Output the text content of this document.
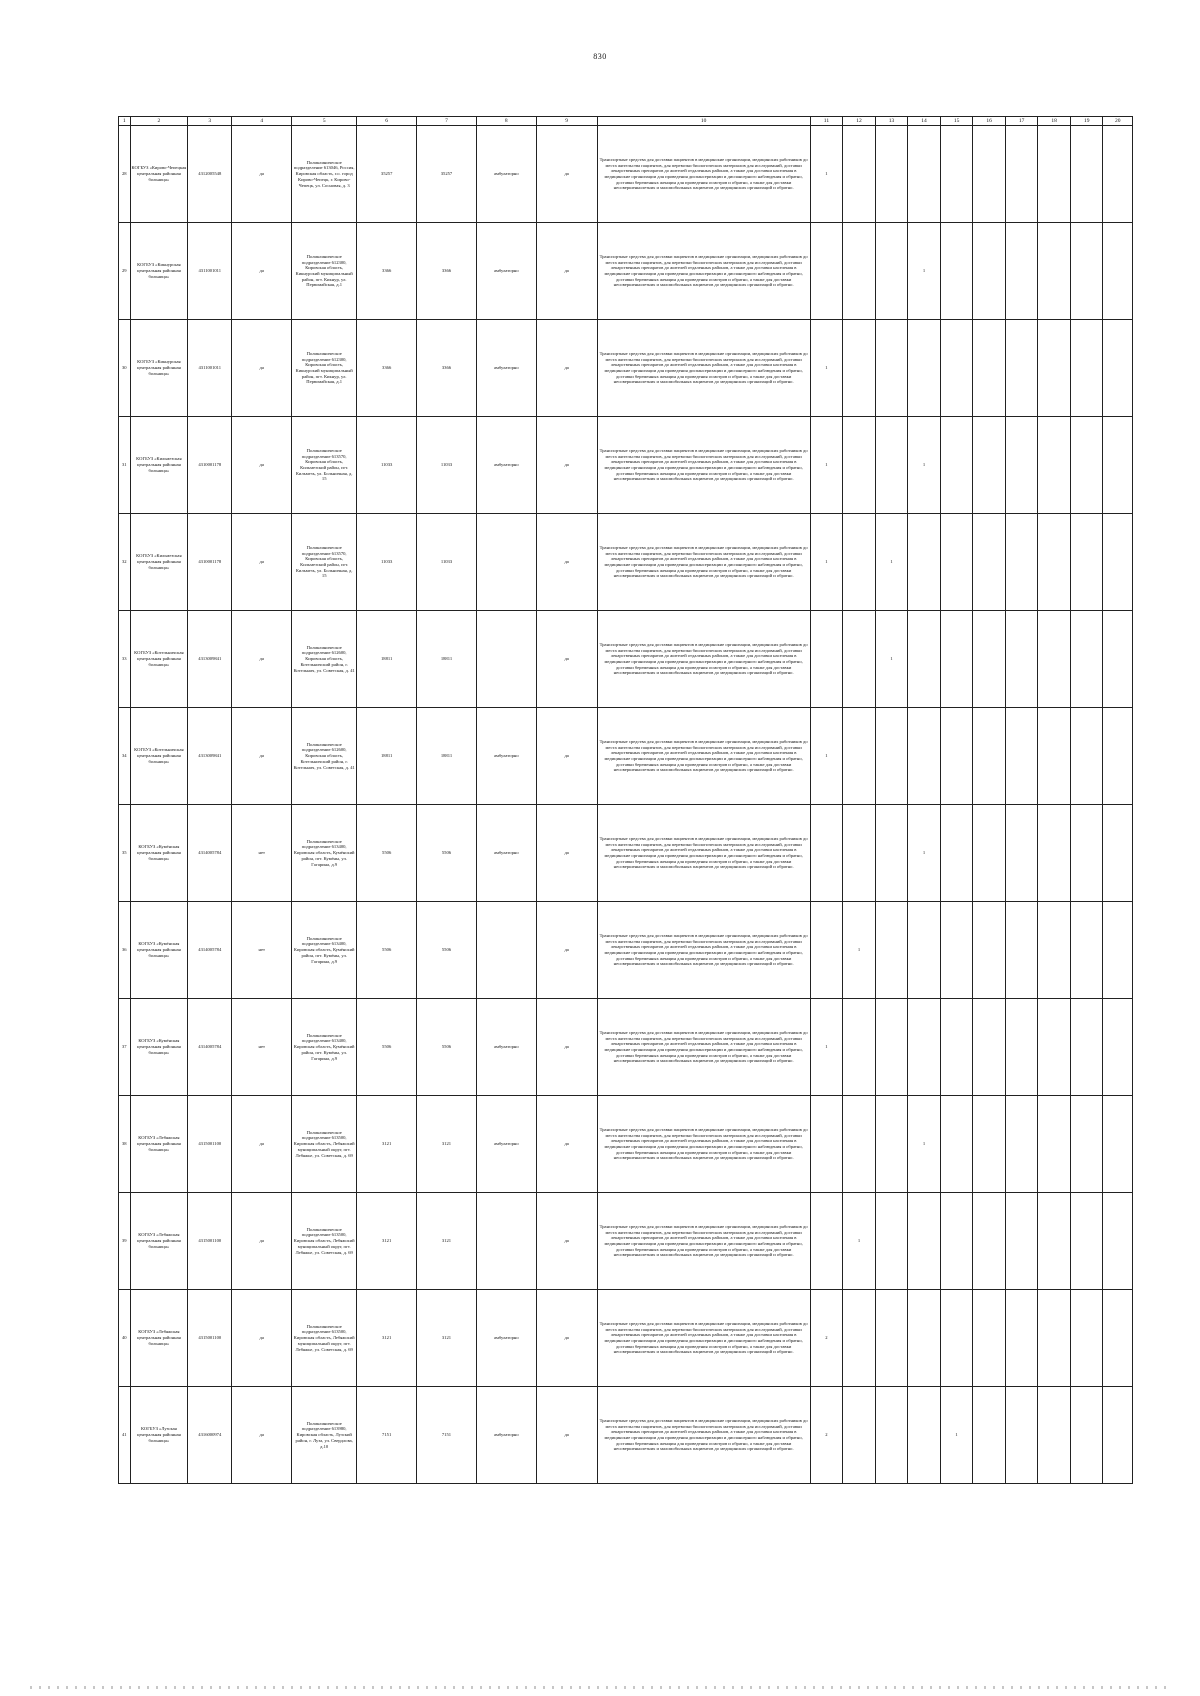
830
1	2	3	4	5	6	7	8	9	10	11	12	13	14	15	16	17	18	19	20
28	КОГБУЗ «Кирово-Чепецкая центральная районная больница»	4312005548	да	Поликлиническое подразделение 613046, Россия, Кировская область, г.о. город Кирово-Чепецк, г. Кирово-Чепецк, ул. Сосновая, д. 3	35257	35257	амбулаторно	да	Транспортные средства для доставки пациентов в медицинские организации, медицинских работников до места жительства пациентов, для перевозки биологических материалов для исследований, доставки лекарственных препаратов до жителей отдаленных районов, а также для доставки населения в медицинские организации для проведения диспансеризации и диспансерного наблюдения и обратно, доставки беременных женщин для проведения осмотров и обратно, а также для доставки несовершеннолетних и маломобильных пациентов до медицинских организаций и обратно.	1									
29	КОГБУЗ «Кикнурская центральная районная больница»	4311001011	да	Поликлиническое подразделение 612300, Кировская область, Кикнурский муниципальный район, пгт. Кикнур, ул. Первомайская, д.1	3366	3366	амбулаторно	да	Транспортные средства для доставки пациентов в медицинские организации, медицинских работников до места жительства пациентов, для перевозки биологических материалов для исследований, доставки лекарственных препаратов до жителей отдаленных районов, а также для доставки населения в медицинские организации для проведения диспансеризации и диспансерного наблюдения и обратно, доставки беременных женщин для проведения осмотров и обратно, а также для доставки несовершеннолетних и маломобильных пациентов до медицинских организаций и обратно.				1						
30	КОГБУЗ «Кикнурская центральная районная больница»	4311001011	да	Поликлиническое подразделение 612300, Кировская область, Кикнурский муниципальный район, пгт. Кикнур, ул. Первомайская, д.1	3366	3366	амбулаторно	да	Транспортные средства для доставки пациентов в медицинские организации, медицинских работников до места жительства пациентов, для перевозки биологических материалов для исследований, доставки лекарственных препаратов до жителей отдаленных районов, а также для доставки населения в медицинские организации для проведения диспансеризации и диспансерного наблюдения и обратно, доставки беременных женщин для проведения осмотров и обратно, а также для доставки несовершеннолетних и маломобильных пациентов до медицинских организаций и обратно.	1									
31	КОГБУЗ «Кильмезская центральная районная больница»	4310001178	да	Поликлиническое подразделение 613570, Кировская область, Кильмезский район, пгт. Кильмезь, ул. Больничная, д. 15	11033	11033	амбулаторно	да	Транспортные средства для доставки пациентов в медицинские организации, медицинских работников до места жительства пациентов, для перевозки биологических материалов для исследований, доставки лекарственных препаратов до жителей отдаленных районов, а также для доставки населения в медицинские организации для проведения диспансеризации и диспансерного наблюдения и обратно, доставки беременных женщин для проведения осмотров и обратно, а также для доставки несовершеннолетних и маломобильных пациентов до медицинских организаций и обратно.	1			1						
32	КОГБУЗ «Кильмезская центральная районная больница»	4310001178	да	Поликлиническое подразделение 613570, Кировская область, Кильмезский район, пгт. Кильмезь, ул. Больничная, д. 15	11033	11033		да	Транспортные средства для доставки пациентов в медицинские организации, медицинских работников до места жительства пациентов, для перевозки биологических материалов для исследований, доставки лекарственных препаратов до жителей отдаленных районов, а также для доставки населения в медицинские организации для проведения диспансеризации и диспансерного наблюдения и обратно, доставки беременных женщин для проведения осмотров и обратно, а также для доставки несовершеннолетних и маломобильных пациентов до медицинских организаций и обратно.	1		1							
33	КОГБУЗ «Котельничская центральная районная больница»	4313009841	да	Поликлиническое подразделение 612600, Кировская область, Котельничский район, г. Котельнич, ул. Советская, д. 41	18811	18811		да	Транспортные средства для доставки пациентов в медицинские организации, медицинских работников до места жительства пациентов, для перевозки биологических материалов для исследований, доставки лекарственных препаратов до жителей отдаленных районов, а также для доставки населения в медицинские организации для проведения диспансеризации и диспансерного наблюдения и обратно, доставки беременных женщин для проведения осмотров и обратно, а также для доставки несовершеннолетних и маломобильных пациентов до медицинских организаций и обратно.			1							
34	КОГБУЗ «Котельничская центральная районная больница»	4313009841	да	Поликлиническое подразделение 612600, Кировская область, Котельничский район, г. Котельнич, ул. Советская, д. 41	18811	18811	амбулаторно	да	Транспортные средства для доставки пациентов в медицинские организации, медицинских работников до места жительства пациентов, для перевозки биологических материалов для исследований, доставки лекарственных препаратов до жителей отдаленных районов, а также для доставки населения в медицинские организации для проведения диспансеризации и диспансерного наблюдения и обратно, доставки беременных женщин для проведения осмотров и обратно, а также для доставки несовершеннолетних и маломобильных пациентов до медицинских организаций и обратно.	1									
35	КОГБУЗ «Кумёнская центральная районная больница»	4314005784	нет	Поликлиническое подразделение 613400, Кировская область, Кумёнский район, пгт. Кумёны, ул. Гагарина, д.9	5506	5506	амбулаторно	да	Транспортные средства для доставки пациентов в медицинские организации, медицинских работников до места жительства пациентов, для перевозки биологических материалов для исследований, доставки лекарственных препаратов до жителей отдаленных районов, а также для доставки населения в медицинские организации для проведения диспансеризации и диспансерного наблюдения и обратно, доставки беременных женщин для проведения осмотров и обратно, а также для доставки несовершеннолетних и маломобильных пациентов до медицинских организаций и обратно.				1						
36	КОГБУЗ «Кумёнская центральная районная больница»	4314005784	нет	Поликлиническое подразделение 613400, Кировская область, Кумёнский район, пгт. Кумёны, ул. Гагарина, д.9	5506	5506		да	Транспортные средства для доставки пациентов в медицинские организации, медицинских работников до места жительства пациентов, для перевозки биологических материалов для исследований, доставки лекарственных препаратов до жителей отдаленных районов, а также для доставки населения в медицинские организации для проведения диспансеризации и диспансерного наблюдения и обратно, доставки беременных женщин для проведения осмотров и обратно, а также для доставки несовершеннолетних и маломобильных пациентов до медицинских организаций и обратно.		1								
37	КОГБУЗ «Кумёнская центральная районная больница»	4314005784	нет	Поликлиническое подразделение 613400, Кировская область, Кумёнский район, пгт. Кумёны, ул. Гагарина, д.9	5506	5506	амбулаторно	да	Транспортные средства для доставки пациентов в медицинские организации, медицинских работников до места жительства пациентов, для перевозки биологических материалов для исследований, доставки лекарственных препаратов до жителей отдаленных районов, а также для доставки населения в медицинские организации для проведения диспансеризации и диспансерного наблюдения и обратно, доставки беременных женщин для проведения осмотров и обратно, а также для доставки несовершеннолетних и маломобильных пациентов до медицинских организаций и обратно.	1									
38	КОГБУЗ «Лебяжская центральная районная больница»	4315001100	да	Поликлиническое подразделение 613500, Кировская область, Лебяжский муниципальный округ, пгт. Лебяжье, ул. Советская, д. 69	3121	3121	амбулаторно	да	Транспортные средства для доставки пациентов в медицинские организации, медицинских работников до места жительства пациентов, для перевозки биологических материалов для исследований, доставки лекарственных препаратов до жителей отдаленных районов, а также для доставки населения в медицинские организации для проведения диспансеризации и диспансерного наблюдения и обратно, доставки беременных женщин для проведения осмотров и обратно, а также для доставки несовершеннолетних и маломобильных пациентов до медицинских организаций и обратно.				1						
39	КОГБУЗ «Лебяжская центральная районная больница»	4315001100	да	Поликлиническое подразделение 613500, Кировская область, Лебяжский муниципальный округ, пгт. Лебяжье, ул. Советская, д. 69	3121	3121		да	Транспортные средства для доставки пациентов в медицинские организации, медицинских работников до места жительства пациентов, для перевозки биологических материалов для исследований, доставки лекарственных препаратов до жителей отдаленных районов, а также для доставки населения в медицинские организации для проведения диспансеризации и диспансерного наблюдения и обратно, доставки беременных женщин для проведения осмотров и обратно, а также для доставки несовершеннолетних и маломобильных пациентов до медицинских организаций и обратно.		1								
40	КОГБУЗ «Лебяжская центральная районная больница»	4315001100	да	Поликлиническое подразделение 613500, Кировская область, Лебяжский муниципальный округ, пгт. Лебяжье, ул. Советская, д. 69	3121	3121	амбулаторно	да	Транспортные средства для доставки пациентов в медицинские организации, медицинских работников до места жительства пациентов, для перевозки биологических материалов для исследований, доставки лекарственных препаратов до жителей отдаленных районов, а также для доставки населения в медицинские организации для проведения диспансеризации и диспансерного наблюдения и обратно, доставки беременных женщин для проведения осмотров и обратно, а также для доставки несовершеннолетних и маломобильных пациентов до медицинских организаций и обратно.	2									
41	КОГБУЗ «Лузская центральная районная больница»	4316000974	да	Поликлиническое подразделение 613980, Кировская область, Лузский район, г. Луза, ул. Свердлова, д.10	7151	7151	амбулаторно	да	Транспортные средства для доставки пациентов в медицинские организации, медицинских работников до места жительства пациентов, для перевозки биологических материалов для исследований, доставки лекарственных препаратов до жителей отдаленных районов, а также для доставки населения в медицинские организации для проведения диспансеризации и диспансерного наблюдения и обратно, доставки беременных женщин для проведения осмотров и обратно, а также для доставки несовершеннолетних и маломобильных пациентов до медицинских организаций и обратно.	2				1					
